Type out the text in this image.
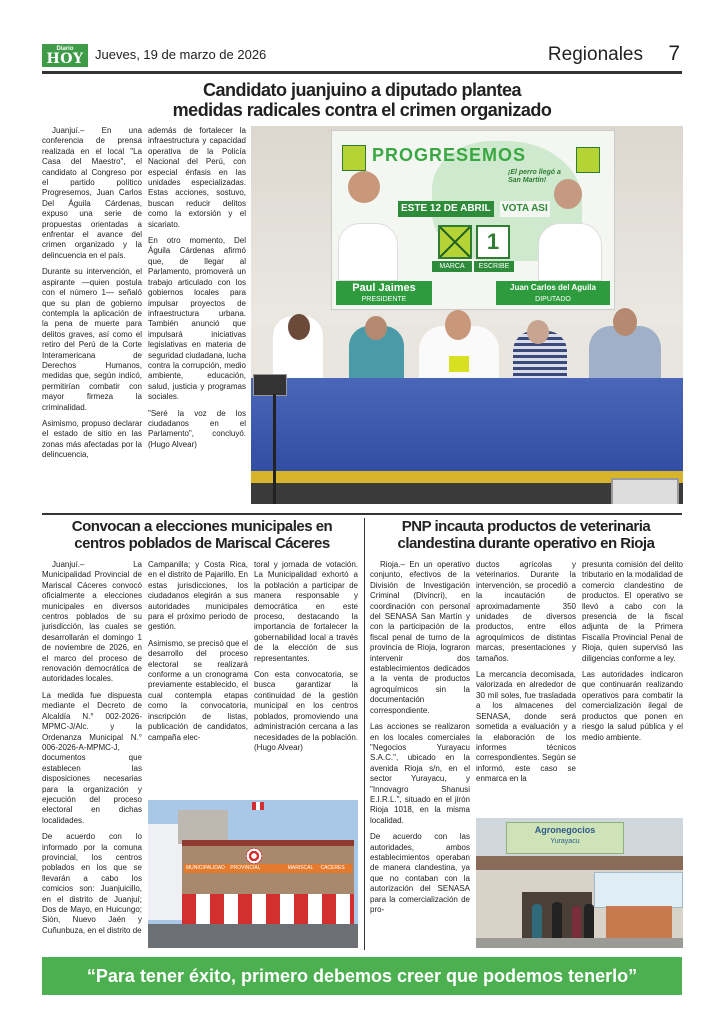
Diario
HOY Jueves, 19 de marzo de 2026	Regionales 7
Candidato juanjuino a diputado plantea
medidas radicales contra el crimen organizado

Juanjuí.– En una conferencia de prensa realizada en el local "La Casa del Maestro", el candidato al Congreso por el partido político Progresemos, Juan Carlos Del Águila Cárdenas, expuso una serie de propuestas orientadas a enfrentar el avance del crimen organizado y la delincuencia en el país.

Durante su intervención, el aspirante —quien postula con el número 1— señaló que su plan de gobierno contempla la aplicación de la pena de muerte para delitos graves, así como el retiro del Perú de la Corte Interamericana de Derechos Humanos, medidas que, según indicó, permitirían combatir con mayor firmeza la criminalidad.

Asimismo, propuso declarar el estado de sitio en las zonas más afectadas por la delincuencia,

además de fortalecer la infraestructura y capacidad operativa de la Policía Nacional del Perú, con especial énfasis en las unidades especializadas. Estas acciones, sostuvo, buscan reducir delitos como la extorsión y el sicariato.

En otro momento, Del Águila Cárdenas afirmó que, de llegar al Parlamento, promoverá un trabajo articulado con los gobiernos locales para impulsar proyectos de infraestructura urbana. También anunció que impulsará iniciativas legislativas en materia de seguridad ciudadana, lucha contra la corrupción, medio ambiente, educación, salud, justicia y programas sociales.

"Seré la voz de los ciudadanos en el Parlamento", concluyó. (Hugo Alvear)

PROGRESEMOS
¡El perro llegó a San Martín!
ESTE 12 DE ABRIL	VOTA ASI
1
MARCA	ESCRIBE
Paul Jaimes
PRESIDENTE
Juan Carlos del Aguila
DIPUTADO
Convocan a elecciones municipales en
centros poblados de Mariscal Cáceres

Juanjuí.– La Municipalidad Provincial de Mariscal Cáceres convocó oficialmente a elecciones municipales en diversos centros poblados de su jurisdicción, las cuales se desarrollarán el domingo 1 de noviembre de 2026, en el marco del proceso de renovación democrática de autoridades locales.

La medida fue dispuesta mediante el Decreto de Alcaldía N.° 002-2026-MPMC-J/Alc. y la Ordenanza Municipal N.° 006-2026-A-MPMC-J, documentos que establecen las disposiciones necesarias para la organización y ejecución del proceso electoral en dichas localidades.

De acuerdo con lo informado por la comuna provincial, los centros poblados en los que se llevarán a cabo los comicios son: Juanjuicillo, en el distrito de Juanjuí; Dos de Mayo, en Huicungo; Sión, Nuevo Jaén y Cuñunbuza, en el distrito de

Campanilla; y Costa Rica, en el distrito de Pajarillo. En estas jurisdicciones, los ciudadanos elegirán a sus autoridades municipales para el próximo periodo de gestión.

Asimismo, se precisó que el desarrollo del proceso electoral se realizará conforme a un cronograma previamente establecido, el cual contempla etapas como la convocatoria, inscripción de listas, publicación de candidatos, campaña elec-

toral y jornada de votación. La Municipalidad exhortó a la población a participar de manera responsable y democrática en este proceso, destacando la importancia de fortalecer la gobernabilidad local a través de la elección de sus representantes.

Con esta convocatoria, se busca garantizar la continuidad de la gestión municipal en los centros poblados, promoviendo una administración cercana a las necesidades de la población. (Hugo Alvear)

MUNICIPALIDAD PROVINCIAL	MARISCAL CACERES
PNP incauta productos de veterinaria
clandestina durante operativo en Rioja

Rioja.– En un operativo conjunto, efectivos de la División de Investigación Criminal (Divincri), en coordinación con personal del SENASA San Martín y con la participación de la fiscal penal de turno de la provincia de Rioja, lograron intervenir dos establecimientos dedicados a la venta de productos agroquímicos sin la documentación correspondiente.

Las acciones se realizaron en los locales comerciales "Negocios Yurayacu S.A.C.", ubicado en la avenida Rioja s/n, en el sector Yurayacu, y "Innovagro Shanusi E.I.R.L.", situado en el jirón Rioja 1018, en la misma localidad.

De acuerdo con las autoridades, ambos establecimientos operaban de manera clandestina, ya que no contaban con la autorización del SENASA para la comercialización de pro-

ductos agrícolas y veterinarios. Durante la intervención, se procedió a la incautación de aproximadamente 350 unidades de diversos productos, entre ellos agroquímicos de distintas marcas, presentaciones y tamaños.

La mercancía decomisada, valorizada en alrededor de 30 mil soles, fue trasladada a los almacenes del SENASA, donde será sometida a evaluación y a la elaboración de los informes técnicos correspondientes. Según se informó, este caso se enmarca en la

presunta comisión del delito tributario en la modalidad de comercio clandestino de productos. El operativo se llevó a cabo con la presencia de la fiscal adjunta de la Primera Fiscalía Provincial Penal de Rioja, quien supervisó las diligencias conforme a ley.

Las autoridades indicaron que continuarán realizando operativos para combatir la comercialización ilegal de productos que ponen en riesgo la salud pública y el medio ambiente.

Agronegocios
Yurayacu
“Para tener éxito, primero debemos creer que podemos tenerlo”
